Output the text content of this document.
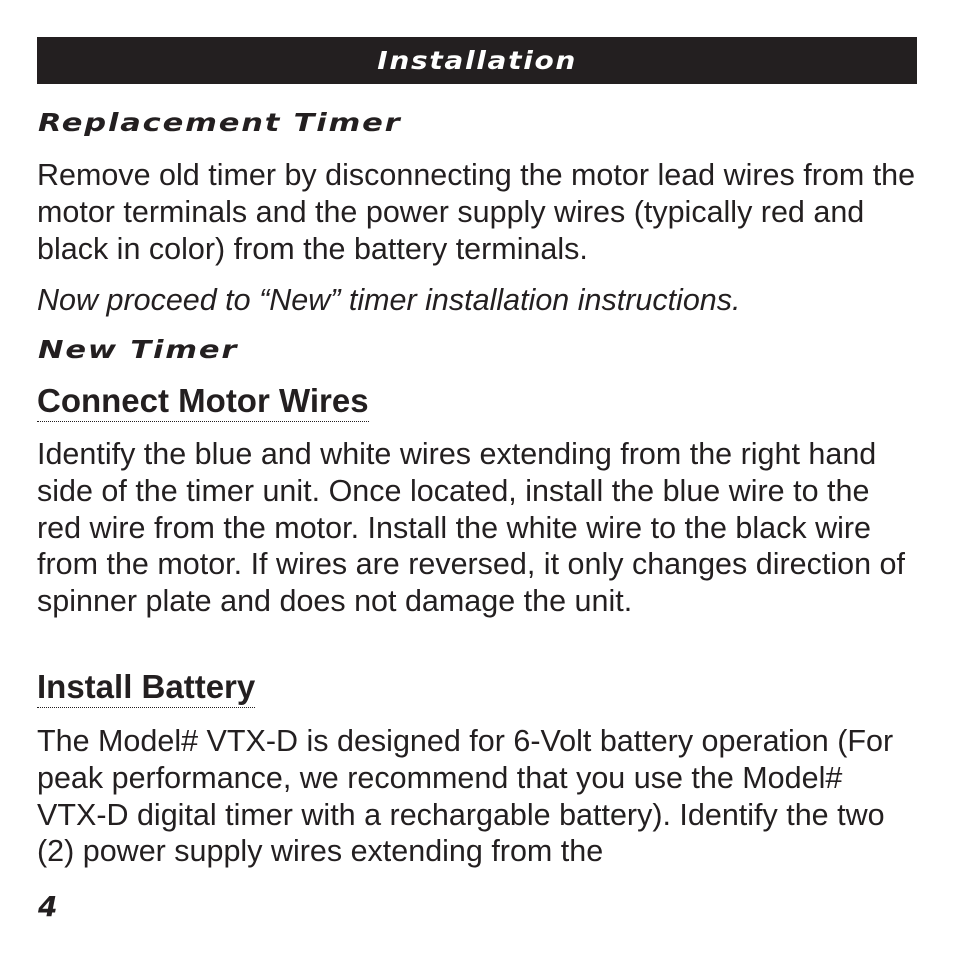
Installation
Replacement Timer

Remove old timer by disconnecting the motor lead wires from the motor terminals and the power supply wires (typically red and black in color) from the battery terminals.

Now proceed to “New” timer installation instructions.

New Timer
Connect Motor Wires

Identify the blue and white wires extending from the right hand side of the timer unit. Once located, install the blue wire to the red wire from the motor. Install the white wire to the black wire from the motor. If wires are reversed, it only changes direction of spinner plate and does not damage the unit.

Install Battery

The Model# VTX-D is designed for 6-Volt battery operation (For peak performance, we recommend that you use the Model# VTX-D digital timer with a rechargable battery). Identify the two (2) power supply wires extending from the

4
